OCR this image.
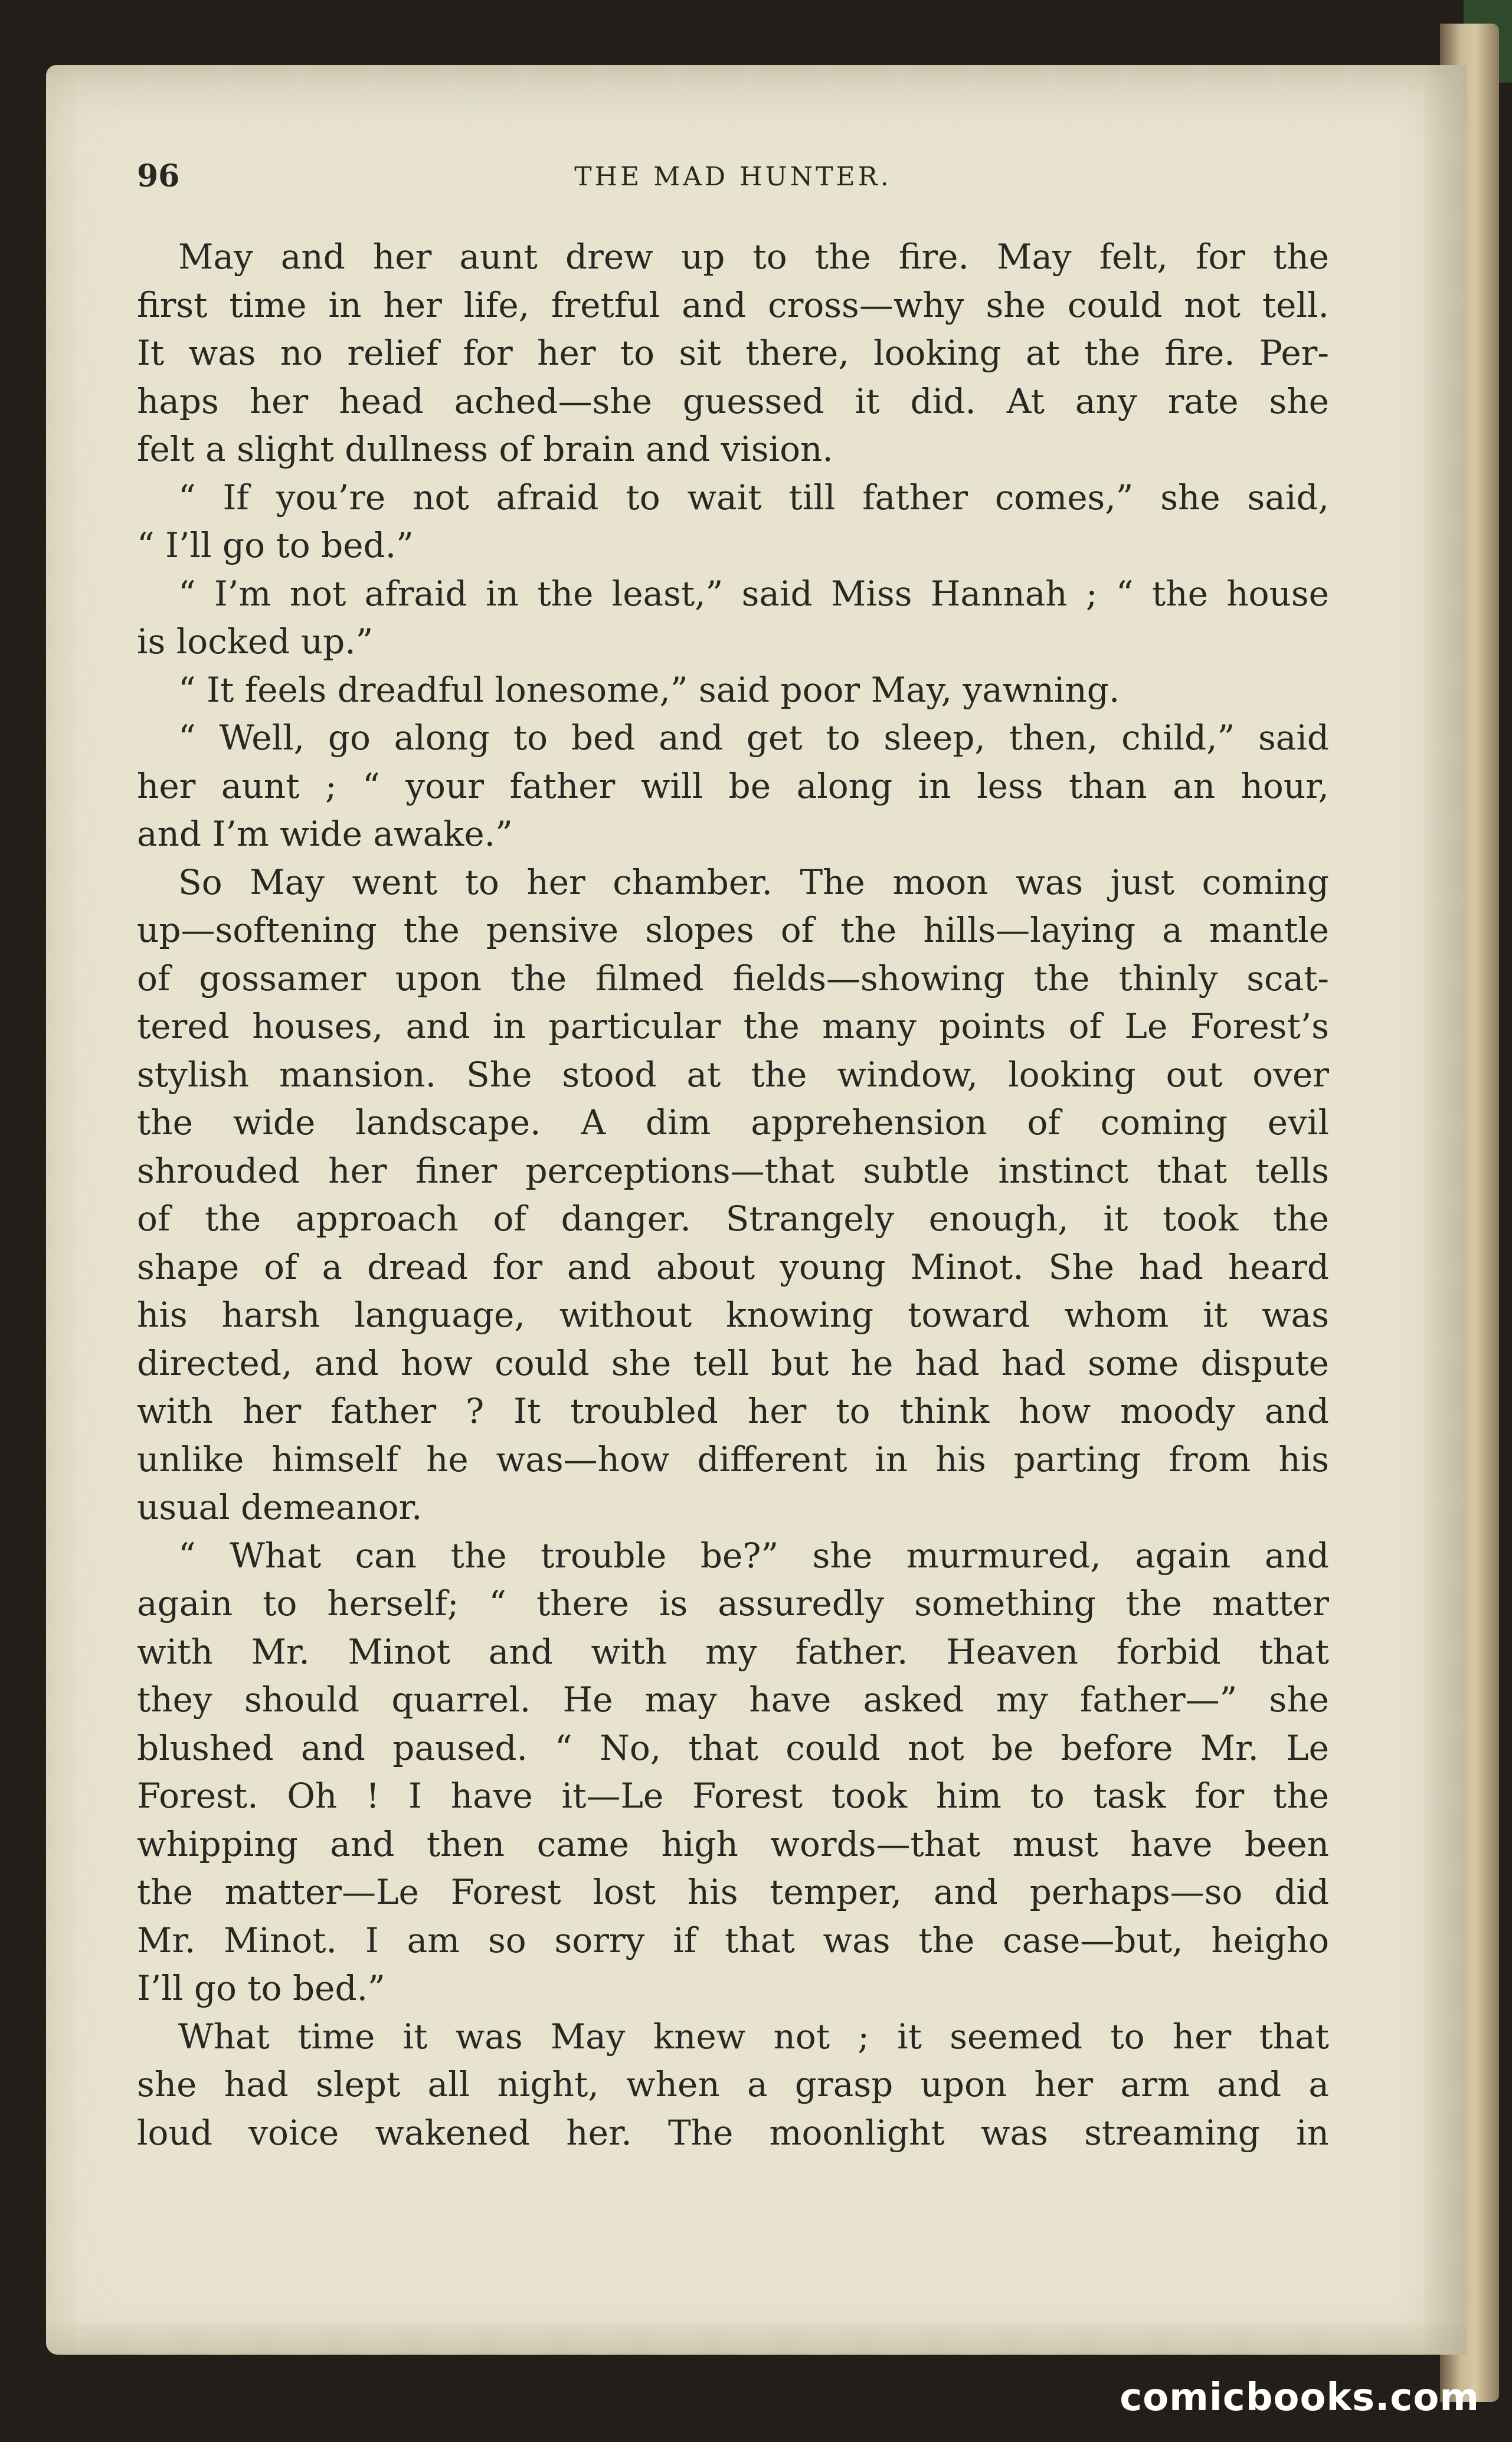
96	THE MAD HUNTER.
May and her aunt drew up to the fire. May felt, for the
first time in her life, fretful and cross—why she could not tell.
It was no relief for her to sit there, looking at the fire. Per-
haps her head ached—she guessed it did. At any rate she
felt a slight dullness of brain and vision.
“ If you’re not afraid to wait till father comes,” she said,
“ I’ll go to bed.”
“ I’m not afraid in the least,” said Miss Hannah ; “ the house
is locked up.”
“ It feels dreadful lonesome,” said poor May, yawning.
“ Well, go along to bed and get to sleep, then, child,” said
her aunt ; “ your father will be along in less than an hour,
and I’m wide awake.”
So May went to her chamber. The moon was just coming
up—softening the pensive slopes of the hills—laying a mantle
of gossamer upon the filmed fields—showing the thinly scat-
tered houses, and in particular the many points of Le Forest’s
stylish mansion. She stood at the window, looking out over
the wide landscape. A dim apprehension of coming evil
shrouded her finer perceptions—that subtle instinct that tells
of the approach of danger. Strangely enough, it took the
shape of a dread for and about young Minot. She had heard
his harsh language, without knowing toward whom it was
directed, and how could she tell but he had had some dispute
with her father ? It troubled her to think how moody and
unlike himself he was—how different in his parting from his
usual demeanor.
“ What can the trouble be?” she murmured, again and
again to herself; “ there is assuredly something the matter
with Mr. Minot and with my father. Heaven forbid that
they should quarrel. He may have asked my father—” she
blushed and paused. “ No, that could not be before Mr. Le
Forest. Oh ! I have it—Le Forest took him to task for the
whipping and then came high words—that must have been
the matter—Le Forest lost his temper, and perhaps—so did
Mr. Minot. I am so sorry if that was the case—but, heigho
I’ll go to bed.”
What time it was May knew not ; it seemed to her that
she had slept all night, when a grasp upon her arm and a
loud voice wakened her. The moonlight was streaming in
comicbooks.com
